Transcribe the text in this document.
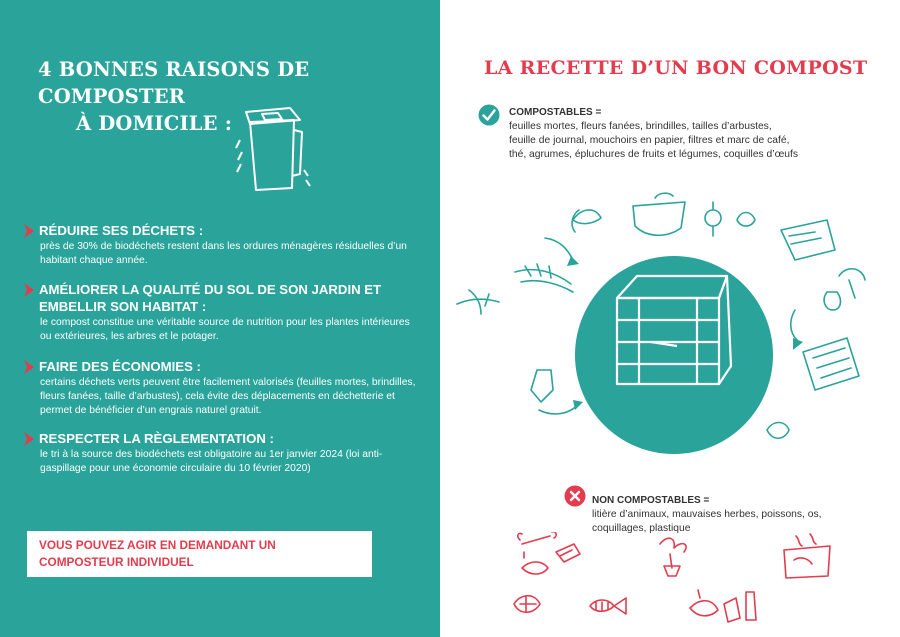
4 BONNES RAISONS DE COMPOSTER
À DOMICILE :
RÉDUIRE SES DÉCHETS :
près de 30% de biodéchets restent dans les ordures ménagères résiduelles d’un habitant chaque année.
AMÉLIORER LA QUALITÉ DU SOL DE SON JARDIN ET EMBELLIR SON HABITAT :
le compost constitue une véritable source de nutrition pour les plantes intérieures ou extérieures, les arbres et le potager.
FAIRE DES ÉCONOMIES :
certains déchets verts peuvent être facilement valorisés (feuilles mortes, brindilles, fleurs fanées, taille d’arbustes), cela évite des déplacements en déchetterie et permet de bénéficier d’un engrais naturel gratuit.
RESPECTER LA RÈGLEMENTATION :
le tri à la source des biodéchets est obligatoire au 1er janvier 2024 (loi anti-gaspillage pour une économie circulaire du 10 février 2020)
VOUS POUVEZ AGIR EN DEMANDANT UN COMPOSTEUR INDIVIDUEL
LA RECETTE D’UN BON COMPOST
COMPOSTABLES =
feuilles mortes, fleurs fanées, brindilles, tailles d’arbustes, feuille de journal, mouchoirs en papier, filtres et marc de café, thé, agrumes, épluchures de fruits et légumes, coquilles d’œufs
NON COMPOSTABLES =
litière d’animaux, mauvaises herbes, poissons, os, coquillages, plastique
